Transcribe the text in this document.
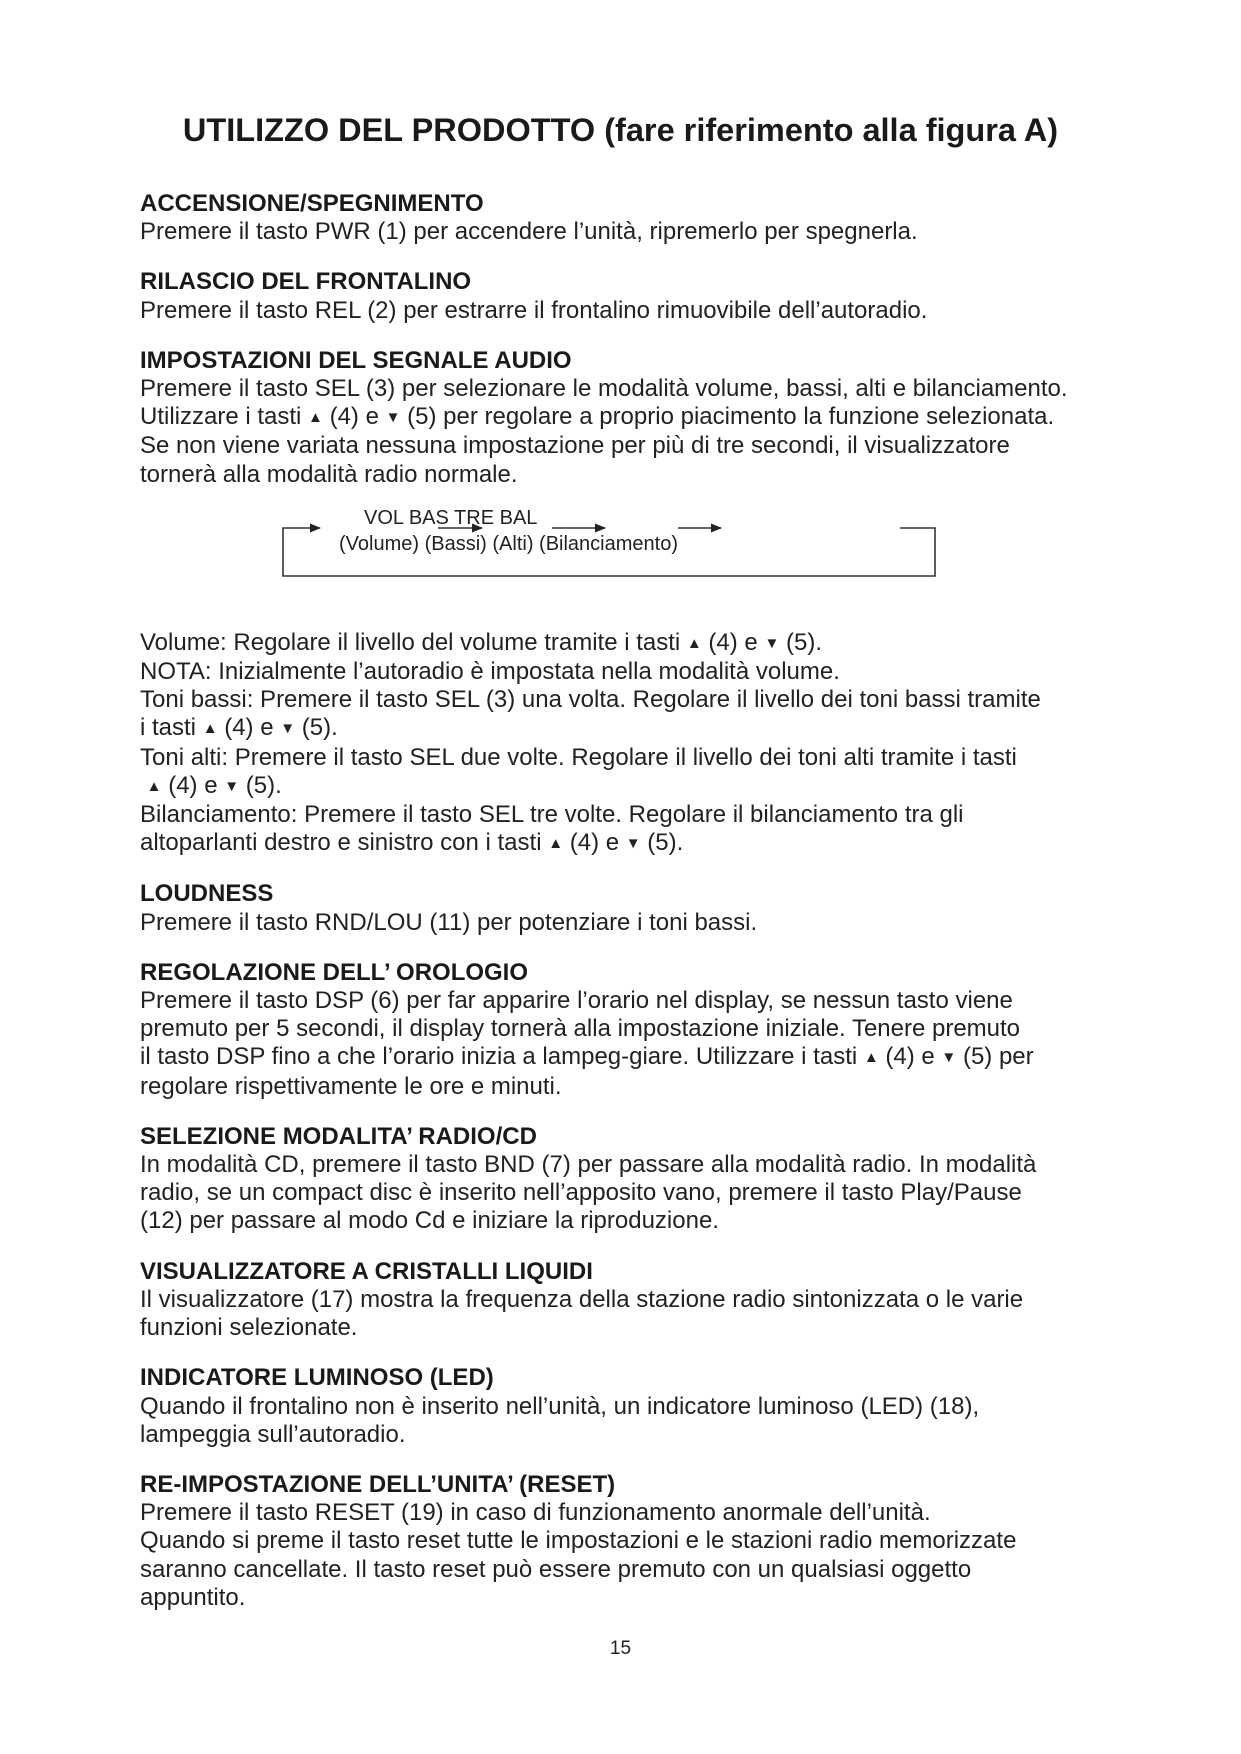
UTILIZZO DEL PRODOTTO (fare riferimento alla figura A)
ACCENSIONE/SPEGNIMENTO
Premere il tasto PWR (1) per accendere l’unità, ripremerlo per spegnerla.
RILASCIO DEL FRONTALINO
Premere il tasto REL (2) per estrarre il frontalino rimuovibile dell’autoradio.
IMPOSTAZIONI DEL SEGNALE AUDIO
Premere il tasto SEL (3) per selezionare le modalità volume, bassi, alti e bilanciamento.
Utilizzare i tasti ▲ (4) e ▼ (5) per regolare a proprio piacimento la funzione selezionata.
Se non viene variata nessuna impostazione per più di tre secondi, il visualizzatore
tornerà alla modalità radio normale.
VOL BAS TRE BAL
(Volume) (Bassi) (Alti) (Bilanciamento)
Volume: Regolare il livello del volume tramite i tasti ▲ (4) e ▼ (5).
NOTA: Inizialmente l’autoradio è impostata nella modalità volume.
Toni bassi: Premere il tasto SEL (3) una volta. Regolare il livello dei toni bassi tramite
i tasti ▲ (4) e ▼ (5).
Toni alti: Premere il tasto SEL due volte. Regolare il livello dei toni alti tramite i tasti
▲ (4) e ▼ (5).
Bilanciamento: Premere il tasto SEL tre volte. Regolare il bilanciamento tra gli
altoparlanti destro e sinistro con i tasti ▲ (4) e ▼ (5).
LOUDNESS
Premere il tasto RND/LOU (11) per potenziare i toni bassi.
REGOLAZIONE DELL’ OROLOGIO
Premere il tasto DSP (6) per far apparire l’orario nel display, se nessun tasto viene
premuto per 5 secondi, il display tornerà alla impostazione iniziale. Tenere premuto
il tasto DSP fino a che l’orario inizia a lampeg-giare. Utilizzare i tasti ▲ (4) e ▼ (5) per
regolare rispettivamente le ore e minuti.
SELEZIONE MODALITA’ RADIO/CD
In modalità CD, premere il tasto BND (7) per passare alla modalità radio. In modalità
radio, se un compact disc è inserito nell’apposito vano, premere il tasto Play/Pause
(12) per passare al modo Cd e iniziare la riproduzione.
VISUALIZZATORE A CRISTALLI LIQUIDI
Il visualizzatore (17) mostra la frequenza della stazione radio sintonizzata o le varie
funzioni selezionate.
INDICATORE LUMINOSO (LED)
Quando il frontalino non è inserito nell’unità, un indicatore luminoso (LED) (18),
lampeggia sull’autoradio.
RE-IMPOSTAZIONE DELL’UNITA’ (RESET)
Premere il tasto RESET (19) in caso di funzionamento anormale dell’unità.
Quando si preme il tasto reset tutte le impostazioni e le stazioni radio memorizzate
saranno cancellate. Il tasto reset può essere premuto con un qualsiasi oggetto
appuntito.
15
